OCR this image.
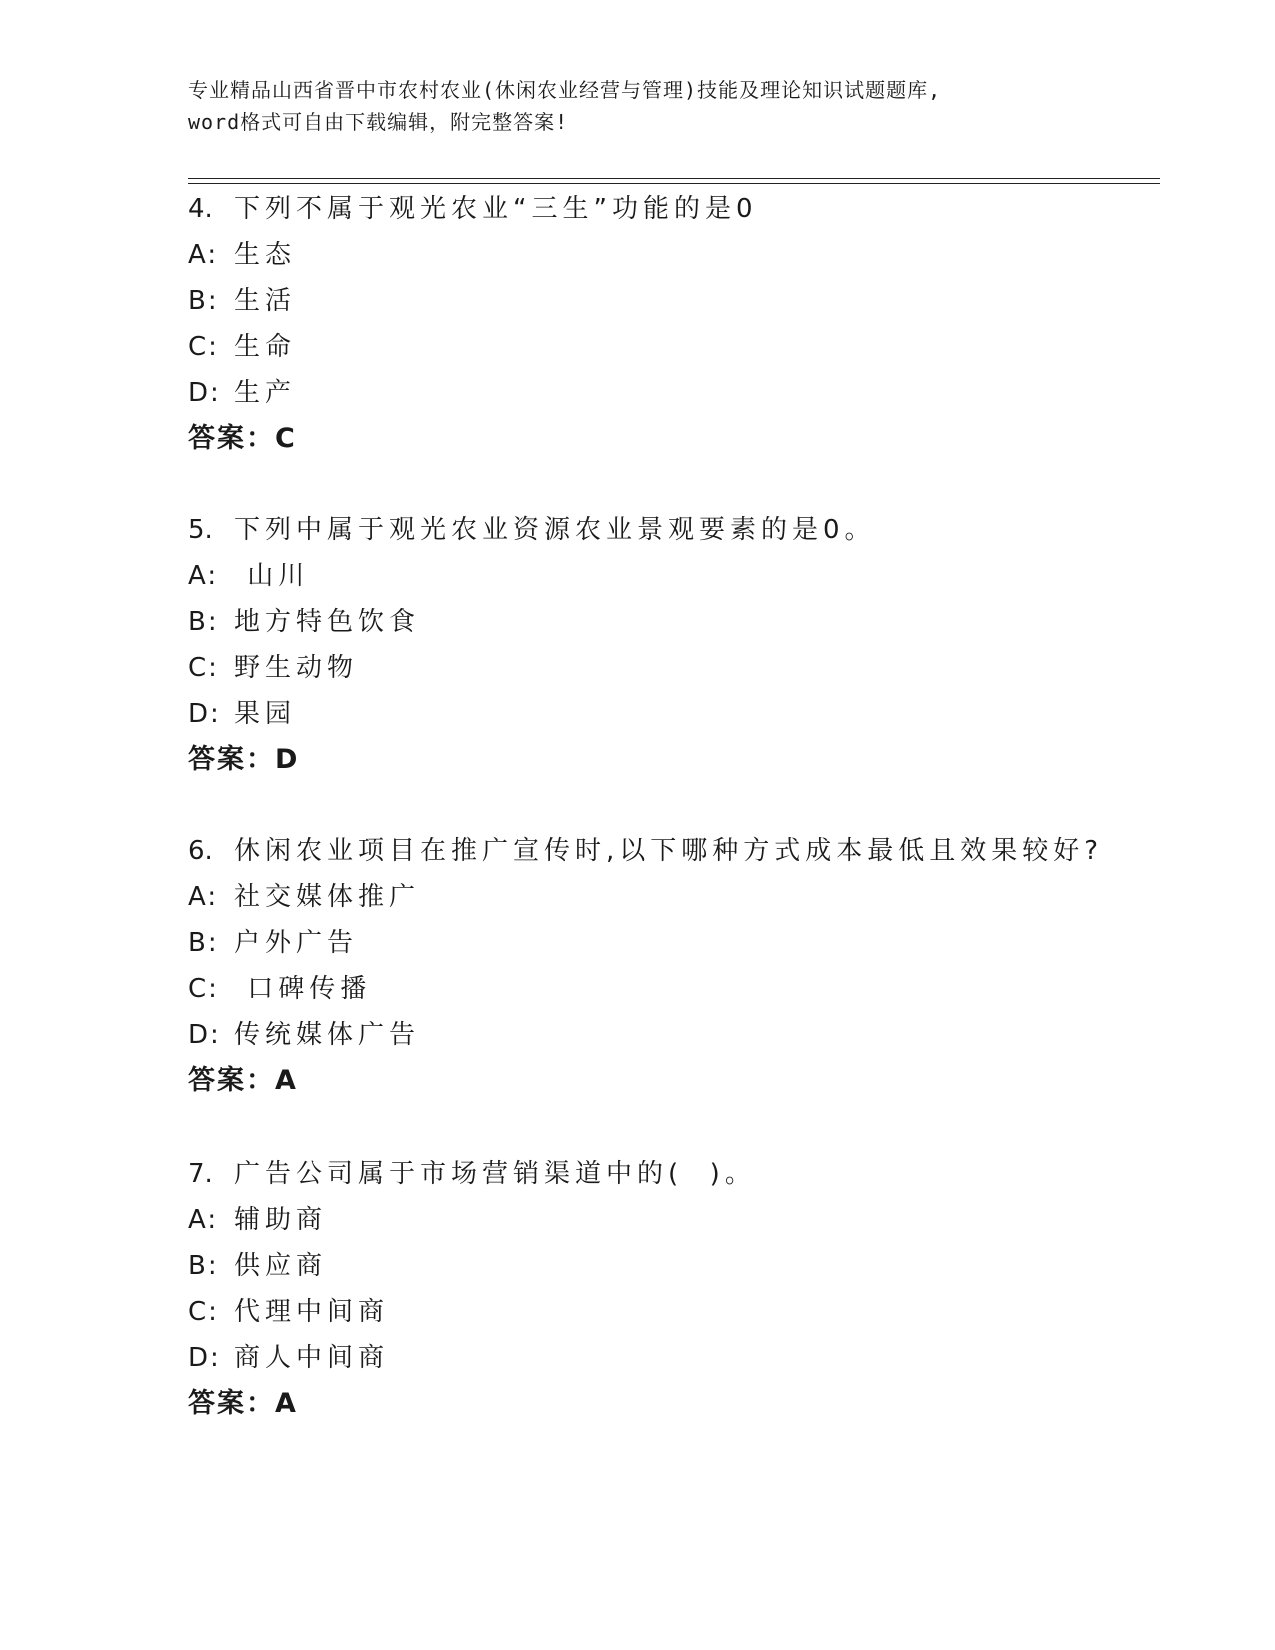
专业精品山西省晋中市农村农业(休闲农业经营与管理)技能及理论知识试题题库,
word格式可自由下载编辑，附完整答案!
4. 下列不属于观光农业“三生”功能的是0
A: 生态
B: 生活
C: 生命
D: 生产
答案：C
5. 下列中属于观光农业资源农业景观要素的是0。
A: 山川
B: 地方特色饮食
C: 野生动物
D: 果园
答案：D
6. 休闲农业项目在推广宣传时,以下哪种方式成本最低且效果较好?
A: 社交媒体推广
B: 户外广告
C: 口碑传播
D: 传统媒体广告
答案：A
7. 广告公司属于市场营销渠道中的(  )。
A: 辅助商
B: 供应商
C: 代理中间商
D: 商人中间商
答案：A
